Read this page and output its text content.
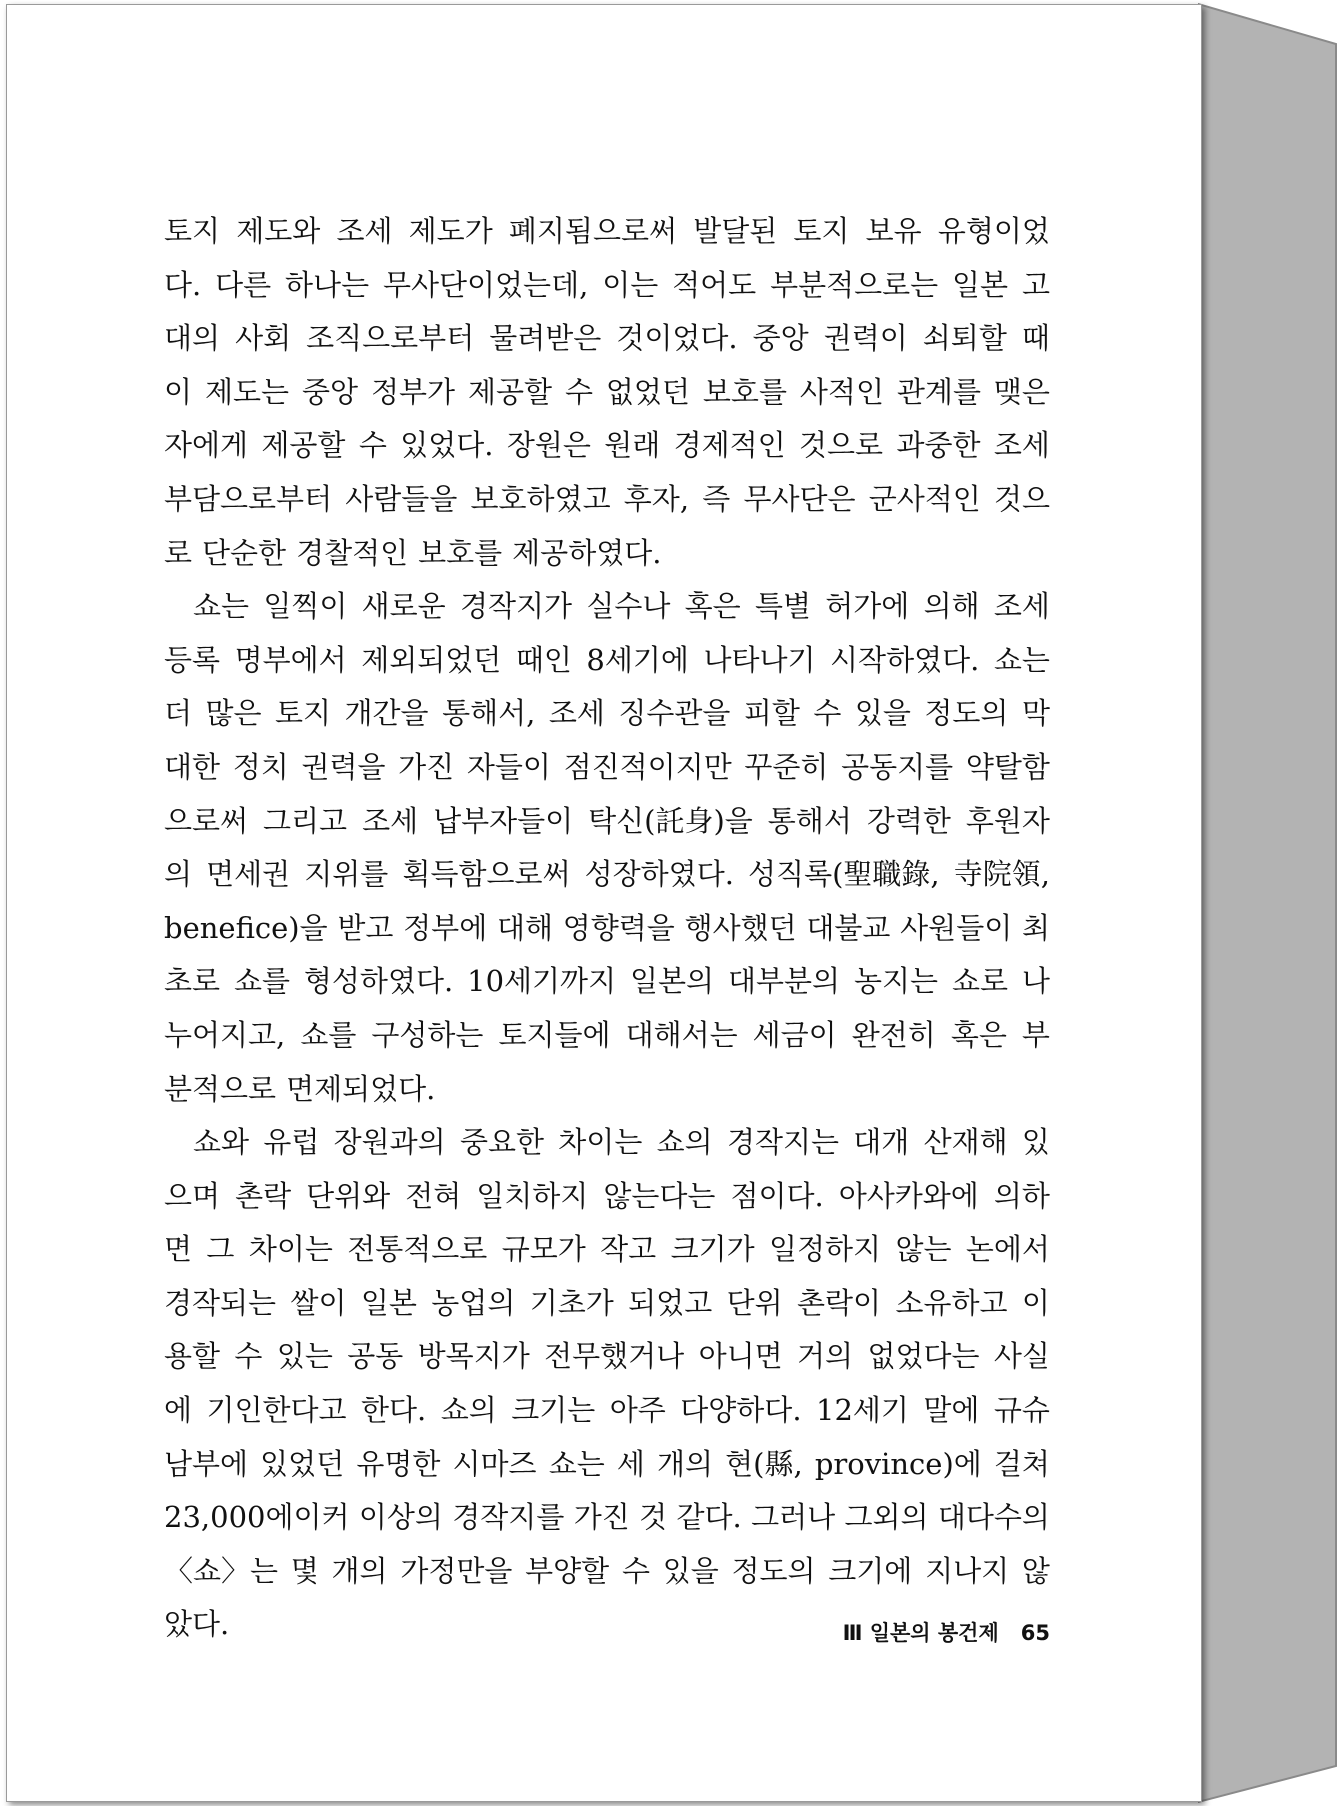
토지 제도와 조세 제도가 폐지됨으로써 발달된 토지 보유 유형이었
다. 다른 하나는 무사단이었는데, 이는 적어도 부분적으로는 일본 고
대의 사회 조직으로부터 물려받은 것이었다. 중앙 권력이 쇠퇴할 때
이 제도는 중앙 정부가 제공할 수 없었던 보호를 사적인 관계를 맺은
자에게 제공할 수 있었다. 장원은 원래 경제적인 것으로 과중한 조세
부담으로부터 사람들을 보호하였고 후자, 즉 무사단은 군사적인 것으
로 단순한 경찰적인 보호를 제공하였다.
쇼는 일찍이 새로운 경작지가 실수나 혹은 특별 허가에 의해 조세
등록 명부에서 제외되었던 때인 8세기에 나타나기 시작하였다. 쇼는
더 많은 토지 개간을 통해서, 조세 징수관을 피할 수 있을 정도의 막
대한 정치 권력을 가진 자들이 점진적이지만 꾸준히 공동지를 약탈함
으로써 그리고 조세 납부자들이 탁신(託身)을 통해서 강력한 후원자
의 면세권 지위를 획득함으로써 성장하였다. 성직록(聖職錄, 寺院領,
benefice)을 받고 정부에 대해 영향력을 행사했던 대불교 사원들이 최
초로 쇼를 형성하였다. 10세기까지 일본의 대부분의 농지는 쇼로 나
누어지고, 쇼를 구성하는 토지들에 대해서는 세금이 완전히 혹은 부
분적으로 면제되었다.
쇼와 유럽 장원과의 중요한 차이는 쇼의 경작지는 대개 산재해 있
으며 촌락 단위와 전혀 일치하지 않는다는 점이다. 아사카와에 의하
면 그 차이는 전통적으로 규모가 작고 크기가 일정하지 않는 논에서
경작되는 쌀이 일본 농업의 기초가 되었고 단위 촌락이 소유하고 이
용할 수 있는 공동 방목지가 전무했거나 아니면 거의 없었다는 사실
에 기인한다고 한다. 쇼의 크기는 아주 다양하다. 12세기 말에 규슈
남부에 있었던 유명한 시마즈 쇼는 세 개의 현(縣, province)에 걸쳐
23,000에이커 이상의 경작지를 가진 것 같다. 그러나 그외의 대다수의
〈쇼〉는 몇 개의 가정만을 부양할 수 있을 정도의 크기에 지나지 않
았다.	Ⅲ 일본의 봉건제 65
